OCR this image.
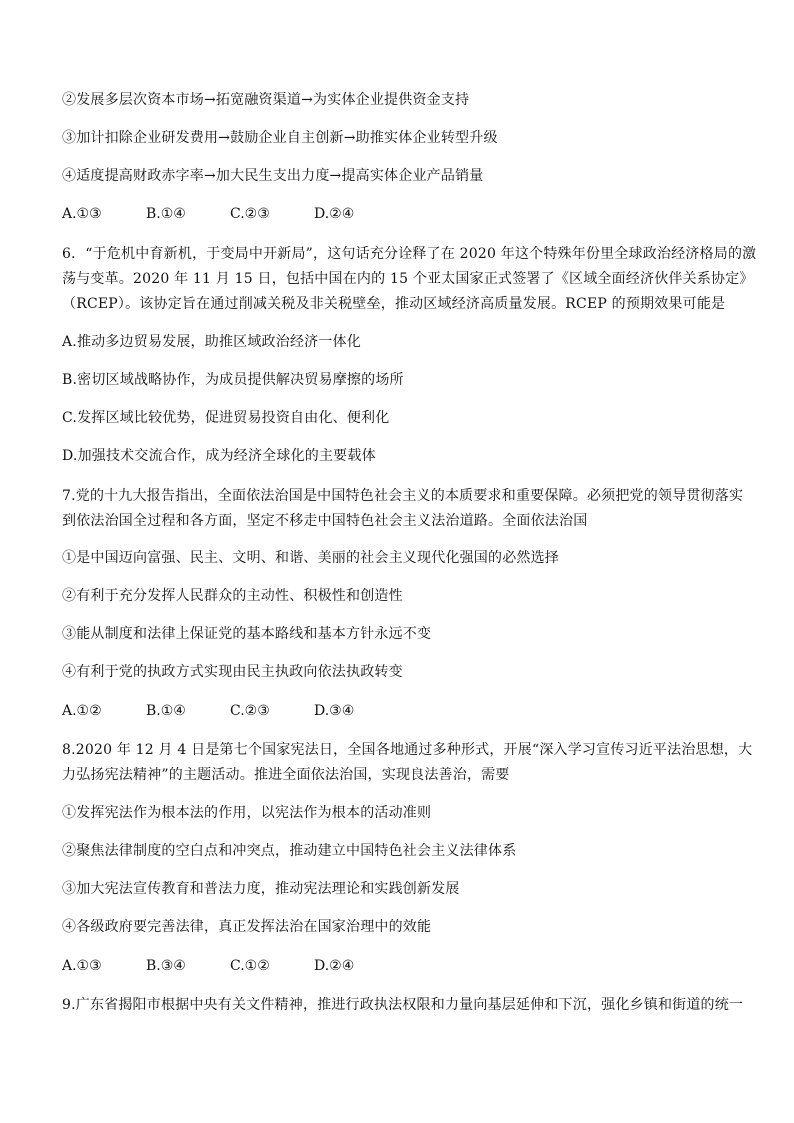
②发展多层次资本市场→拓宽融资渠道→为实体企业提供资金支持
③加计扣除企业研发费用→鼓励企业自主创新→助推实体企业转型升级
④适度提高财政赤字率→加大民生支出力度→提高实体企业产品销量
A.①③	B.①④	C.②③	D.②④
6．“于危机中育新机，于变局中开新局”，这句话充分诠释了在 2020 年这个特殊年份里全球政治经济格局的激
荡与变革。2020 年 11 月 15 日，包括中国在内的 15 个亚太国家正式签署了《区域全面经济伙伴关系协定》
（RCEP）。该协定旨在通过削减关税及非关税壁垒，推动区域经济高质量发展。RCEP 的预期效果可能是
A.推动多边贸易发展，助推区域政治经济一体化
B.密切区域战略协作，为成员提供解决贸易摩擦的场所
C.发挥区域比较优势，促进贸易投资自由化、便利化
D.加强技术交流合作，成为经济全球化的主要载体
7.党的十九大报告指出，全面依法治国是中国特色社会主义的本质要求和重要保障。必须把党的领导贯彻落实
到依法治国全过程和各方面，坚定不移走中国特色社会主义法治道路。全面依法治国
①是中国迈向富强、民主、文明、和谐、美丽的社会主义现代化强国的必然选择
②有利于充分发挥人民群众的主动性、积极性和创造性
③能从制度和法律上保证党的基本路线和基本方针永远不变
④有利于党的执政方式实现由民主执政向依法执政转变
A.①②	B.①④	C.②③	D.③④
8.2020 年 12 月 4 日是第七个国家宪法日，全国各地通过多种形式，开展“深入学习宣传习近平法治思想，大
力弘扬宪法精神”的主题活动。推进全面依法治国，实现良法善治，需要
①发挥宪法作为根本法的作用，以宪法作为根本的活动准则
②聚焦法律制度的空白点和冲突点，推动建立中国特色社会主义法律体系
③加大宪法宣传教育和普法力度，推动宪法理论和实践创新发展
④各级政府要完善法律，真正发挥法治在国家治理中的效能
A.①③	B.③④	C.①②	D.②④
9.广东省揭阳市根据中央有关文件精神，推进行政执法权限和力量向基层延伸和下沉，强化乡镇和街道的统一
